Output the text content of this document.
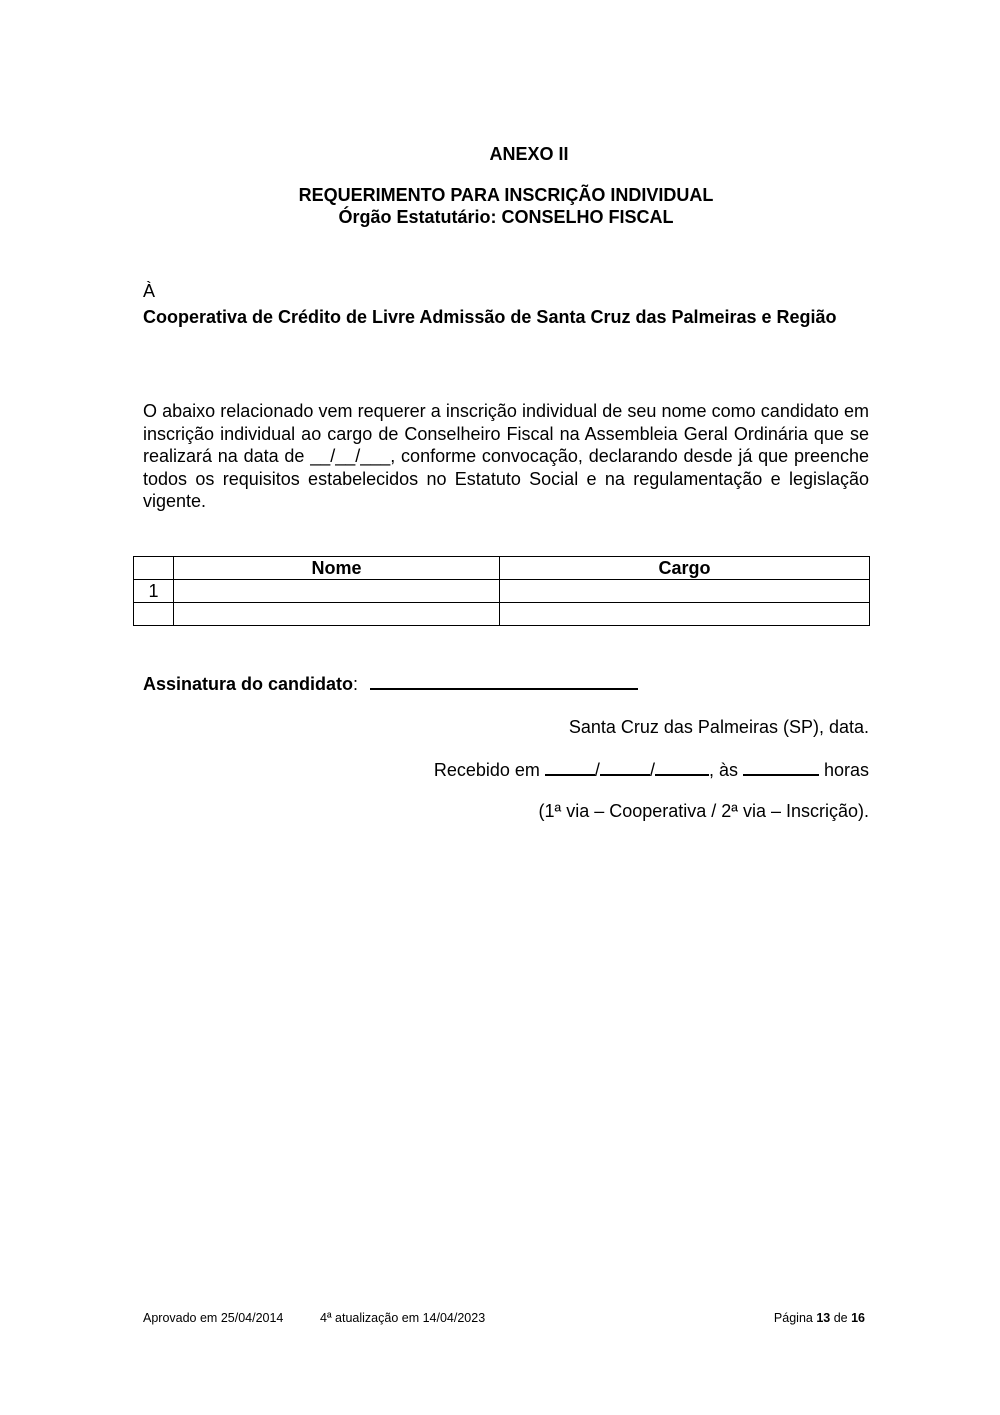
ANEXO II
REQUERIMENTO PARA INSCRIÇÃO INDIVIDUAL
Órgão Estatutário: CONSELHO FISCAL
À
Cooperativa de Crédito de Livre Admissão de Santa Cruz das Palmeiras e Região
O abaixo relacionado vem requerer a inscrição individual de seu nome como candidato em inscrição individual ao cargo de Conselheiro Fiscal na Assembleia Geral Ordinária que se realizará na data de __/__/___, conforme convocação, declarando desde já que preenche todos os requisitos estabelecidos no Estatuto Social e na regulamentação e legislação vigente.
	Nome	Cargo
1		

Assinatura do candidato:
Santa Cruz das Palmeiras (SP), data.
Recebido em	/	/	, às	horas
(1ª via – Cooperativa / 2ª via – Inscrição).
Aprovado em 25/04/2014	4ª atualização em 14/04/2023	Página 13 de 16
